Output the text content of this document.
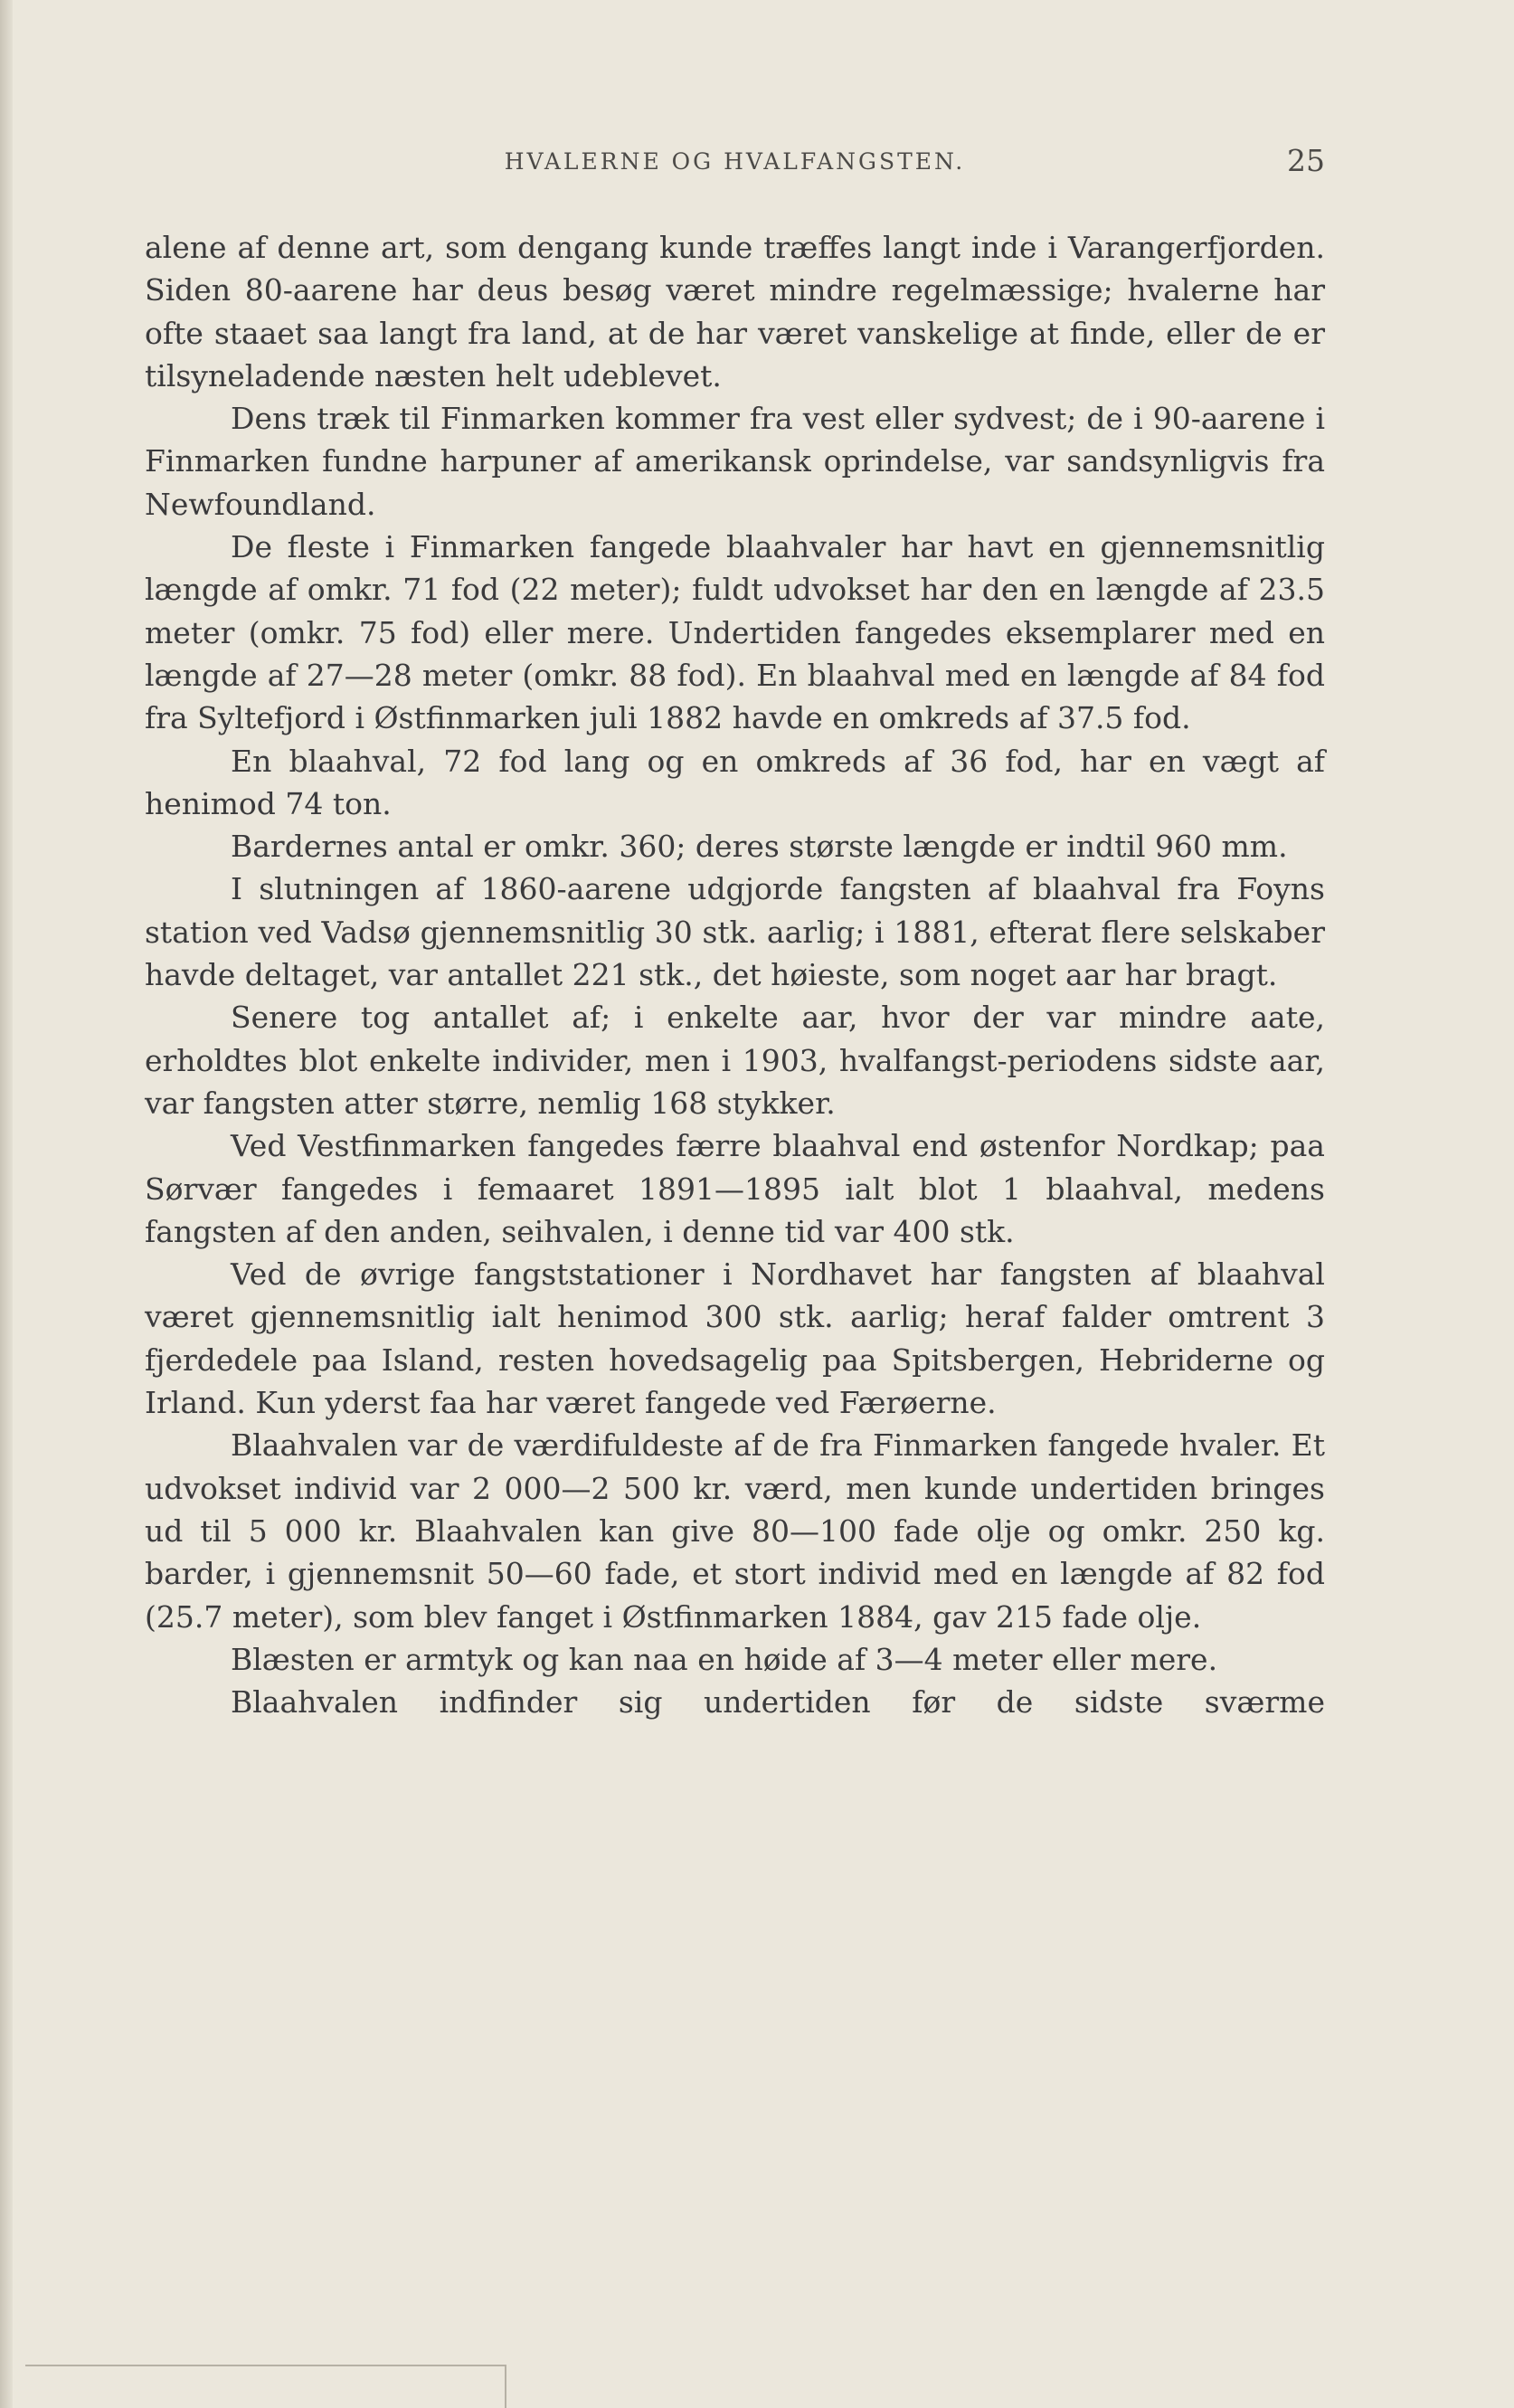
HVALERNE OG HVALFANGSTEN.	25

alene af denne art, som dengang kunde træffes langt inde i Varangerfjorden. Siden 80-aarene har deus besøg været mindre regelmæssige; hvalerne har ofte staaet saa langt fra land, at de har været vanskelige at finde, eller de er tilsyneladende næsten helt udeblevet.

Dens træk til Finmarken kommer fra vest eller sydvest; de i 90-aarene i Finmarken fundne harpuner af amerikansk oprindelse, var sandsynligvis fra Newfoundland.

De fleste i Finmarken fangede blaahvaler har havt en gjennemsnitlig længde af omkr. 71 fod (22 meter); fuldt udvokset har den en længde af 23.5 meter (omkr. 75 fod) eller mere. Undertiden fangedes eksemplarer med en længde af 27—28 meter (omkr. 88 fod). En blaahval med en længde af 84 fod fra Syltefjord i Østfinmarken juli 1882 havde en omkreds af 37.5 fod.

En blaahval, 72 fod lang og en omkreds af 36 fod, har en vægt af henimod 74 ton.

Bardernes antal er omkr. 360; deres største længde er indtil 960 mm.

I slutningen af 1860-aarene udgjorde fangsten af blaahval fra Foyns station ved Vadsø gjennemsnitlig 30 stk. aarlig; i 1881, efterat flere selskaber havde deltaget, var antallet 221 stk., det høieste, som noget aar har bragt.

Senere tog antallet af; i enkelte aar, hvor der var mindre aate, erholdtes blot enkelte individer, men i 1903, hvalfangst-periodens sidste aar, var fangsten atter større, nemlig 168 stykker.

Ved Vestfinmarken fangedes færre blaahval end østenfor Nordkap; paa Sørvær fangedes i femaaret 1891—1895 ialt blot 1 blaahval, medens fangsten af den anden, seihvalen, i denne tid var 400 stk.

Ved de øvrige fangststationer i Nordhavet har fangsten af blaahval været gjennemsnitlig ialt henimod 300 stk. aarlig; heraf falder omtrent 3 fjerdedele paa Island, resten hovedsagelig paa Spitsbergen, Hebriderne og Irland. Kun yderst faa har været fangede ved Færøerne.

Blaahvalen var de værdifuldeste af de fra Finmarken fangede hvaler. Et udvokset individ var 2 000—2 500 kr. værd, men kunde undertiden bringes ud til 5 000 kr. Blaahvalen kan give 80—100 fade olje og omkr. 250 kg. barder, i gjennemsnit 50—60 fade, et stort individ med en længde af 82 fod (25.7 meter), som blev fanget i Østfinmarken 1884, gav 215 fade olje.

Blæsten er armtyk og kan naa en høide af 3—4 meter eller mere.

Blaahvalen indfinder sig undertiden før de sidste sværme
